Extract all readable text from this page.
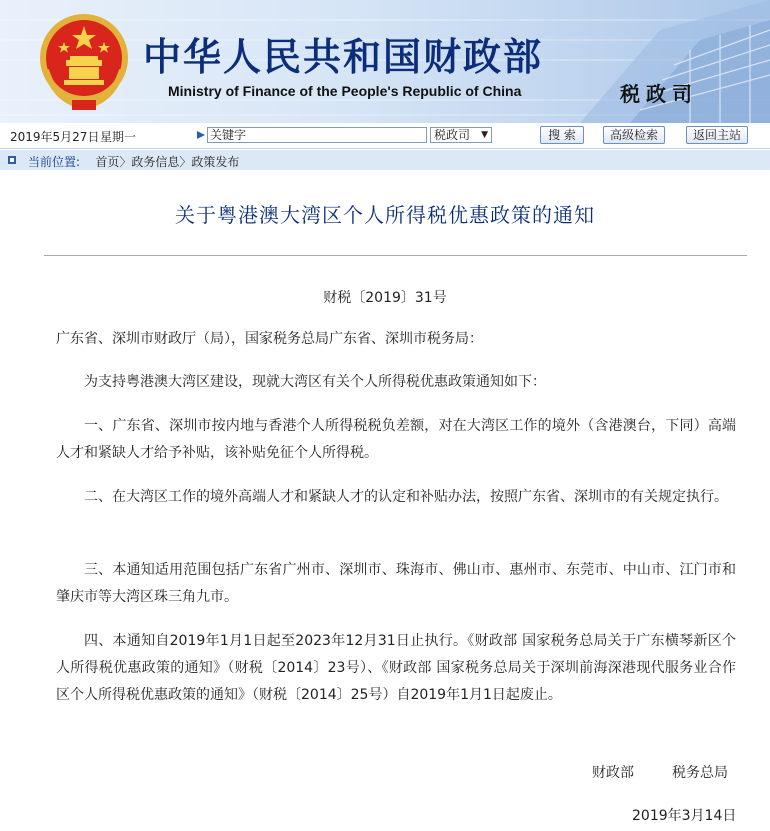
中华人民共和国财政部
Ministry of Finance of the People's Republic of China	税政司
2019年5月27日 星期一	关键字	税政司 ▼	搜 索	高级检索	返回主站
当前位置: 首页〉政务信息〉政策发布
关于粤港澳大湾区个人所得税优惠政策的通知
财税〔2019〕31号
广东省、深圳市财政厅（局），国家税务总局广东省、深圳市税务局：
为支持粤港澳大湾区建设，现就大湾区有关个人所得税优惠政策通知如下：
一、广东省、深圳市按内地与香港个人所得税税负差额，对在大湾区工作的境外（含港澳台，下同）高端人才和紧缺人才给予补贴，该补贴免征个人所得税。
二、在大湾区工作的境外高端人才和紧缺人才的认定和补贴办法，按照广东省、深圳市的有关规定执行。
三、本通知适用范围包括广东省广州市、深圳市、珠海市、佛山市、惠州市、东莞市、中山市、江门市和肇庆市等大湾区珠三角九市。
四、本通知自2019年1月1日起至2023年12月31日止执行。《财政部 国家税务总局关于广东横琴新区个人所得税优惠政策的通知》（财税〔2014〕23号）、《财政部 国家税务总局关于深圳前海深港现代服务业合作区个人所得税优惠政策的通知》（财税〔2014〕25号）自2019年1月1日起废止。
财政部	税务总局
2019年3月14日
